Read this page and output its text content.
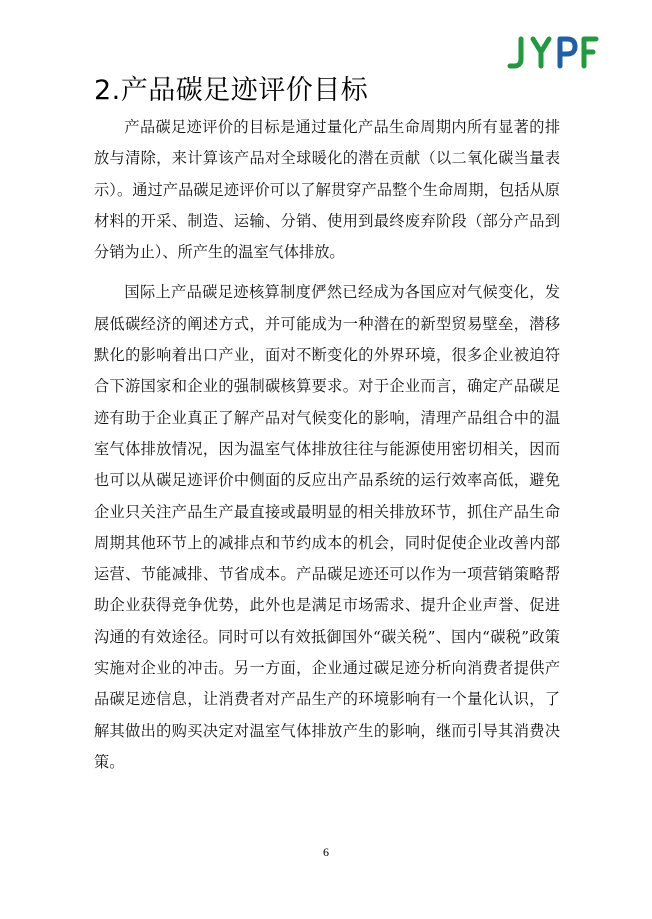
2.产品碳足迹评价目标

产品碳足迹评价的目标是通过量化产品生命周期内所有显著的排放与清除，来计算该产品对全球暖化的潜在贡献（以二氧化碳当量表示）。通过产品碳足迹评价可以了解贯穿产品整个生命周期，包括从原材料的开采、制造、运输、分销、使用到最终废弃阶段（部分产品到分销为止）、所产生的温室气体排放。

国际上产品碳足迹核算制度俨然已经成为各国应对气候变化，发展低碳经济的阐述方式，并可能成为一种潜在的新型贸易壁垒，潜移默化的影响着出口产业，面对不断变化的外界环境，很多企业被迫符合下游国家和企业的强制碳核算要求。对于企业而言，确定产品碳足迹有助于企业真正了解产品对气候变化的影响，清理产品组合中的温室气体排放情况，因为温室气体排放往往与能源使用密切相关，因而也可以从碳足迹评价中侧面的反应出产品系统的运行效率高低，避免企业只关注产品生产最直接或最明显的相关排放环节，抓住产品生命周期其他环节上的减排点和节约成本的机会，同时促使企业改善内部运营、节能减排、节省成本。产品碳足迹还可以作为一项营销策略帮助企业获得竞争优势，此外也是满足市场需求、提升企业声誉、促进沟通的有效途径。同时可以有效抵御国外“碳关税”、国内“碳税”政策实施对企业的冲击。另一方面，企业通过碳足迹分析向消费者提供产品碳足迹信息，让消费者对产品生产的环境影响有一个量化认识，了解其做出的购买决定对温室气体排放产生的影响，继而引导其消费决策。

6
